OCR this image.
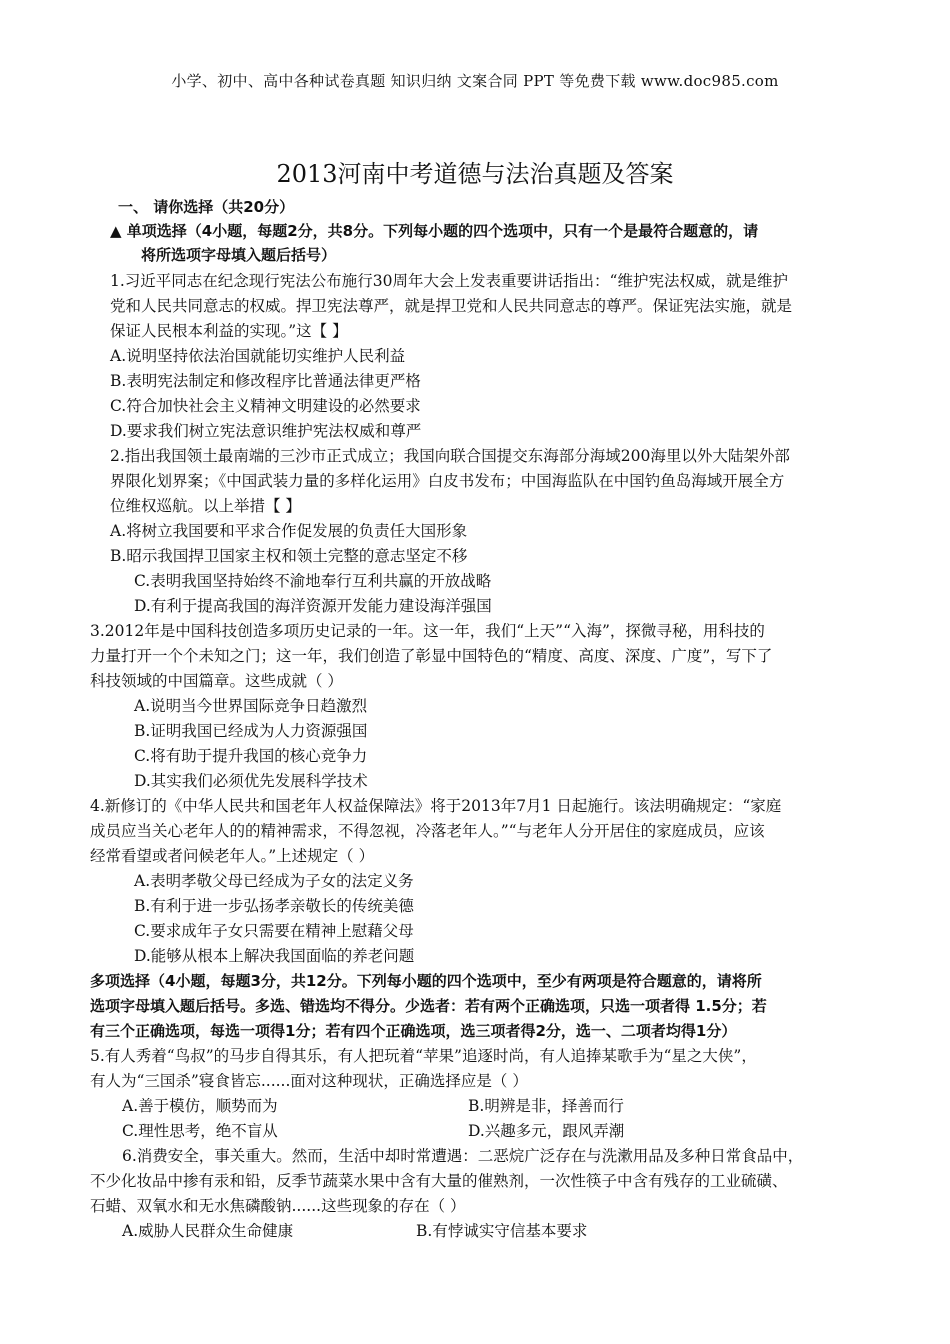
小学、初中、高中各种试卷真题 知识归纳 文案合同 PPT 等免费下载 www.doc985.com
2013河南中考道德与法治真题及答案
一、 请你选择（共20分）
▲ 单项选择（4小题，每题2分，共8分。下列每小题的四个选项中，只有一个是最符合题意的，请
将所选项字母填入题后括号）
1.习近平同志在纪念现行宪法公布施行30周年大会上发表重要讲话指出：“维护宪法权威，就是维护
党和人民共同意志的权威。捍卫宪法尊严，就是捍卫党和人民共同意志的尊严。保证宪法实施，就是
保证人民根本利益的实现。”这【 】
A.说明坚持依法治国就能切实维护人民利益
B.表明宪法制定和修改程序比普通法律更严格
C.符合加快社会主义精神文明建设的必然要求
D.要求我们树立宪法意识维护宪法权威和尊严
2.指出我国领土最南端的三沙市正式成立；我国向联合国提交东海部分海域200海里以外大陆架外部
界限化划界案；《中国武装力量的多样化运用》白皮书发布；中国海监队在中国钓鱼岛海域开展全方
位维权巡航。以上举措【 】
A.将树立我国要和平求合作促发展的负责任大国形象
B.昭示我国捍卫国家主权和领土完整的意志坚定不移
C.表明我国坚持始终不渝地奉行互利共赢的开放战略
D.有利于提高我国的海洋资源开发能力建设海洋强国
3.2012年是中国科技创造多项历史记录的一年。这一年，我们“上天”“入海”，探微寻秘，用科技的
力量打开一个个未知之门；这一年，我们创造了彰显中国特色的“精度、高度、深度、广度”，写下了
科技领域的中国篇章。这些成就（ ）
A.说明当今世界国际竞争日趋激烈
B.证明我国已经成为人力资源强国
C.将有助于提升我国的核心竞争力
D.其实我们必须优先发展科学技术
4.新修订的《中华人民共和国老年人权益保障法》将于2013年7月1 日起施行。该法明确规定：“家庭
成员应当关心老年人的的精神需求，不得忽视，冷落老年人。”“与老年人分开居住的家庭成员，应该
经常看望或者问候老年人。”上述规定（ ）
A.表明孝敬父母已经成为子女的法定义务
B.有利于进一步弘扬孝亲敬长的传统美德
C.要求成年子女只需要在精神上慰藉父母
D.能够从根本上解决我国面临的养老问题
多项选择（4小题，每题3分，共12分。下列每小题的四个选项中，至少有两项是符合题意的，请将所
选项字母填入题后括号。多选、错选均不得分。少选者：若有两个正确选项，只选一项者得 1.5分；若
有三个正确选项，每选一项得1分；若有四个正确选项，选三项者得2分，选一、二项者均得1分）
5.有人秀着“鸟叔”的马步自得其乐，有人把玩着“苹果”追逐时尚，有人追捧某歌手为“星之大侠”，
有人为“三国杀”寝食皆忘......面对这种现状，正确选择应是（ ）
A.善于模仿，顺势而为	B.明辨是非，择善而行
C.理性思考，绝不盲从	D.兴趣多元，跟风弄潮
6.消费安全，事关重大。然而，生活中却时常遭遇：二恶烷广泛存在与洗漱用品及多种日常食品中，
不少化妆品中掺有汞和铅，反季节蔬菜水果中含有大量的催熟剂，一次性筷子中含有残存的工业硫磺、
石蜡、双氧水和无水焦磷酸钠......这些现象的存在（ ）
A.威胁人民群众生命健康	B.有悖诚实守信基本要求
